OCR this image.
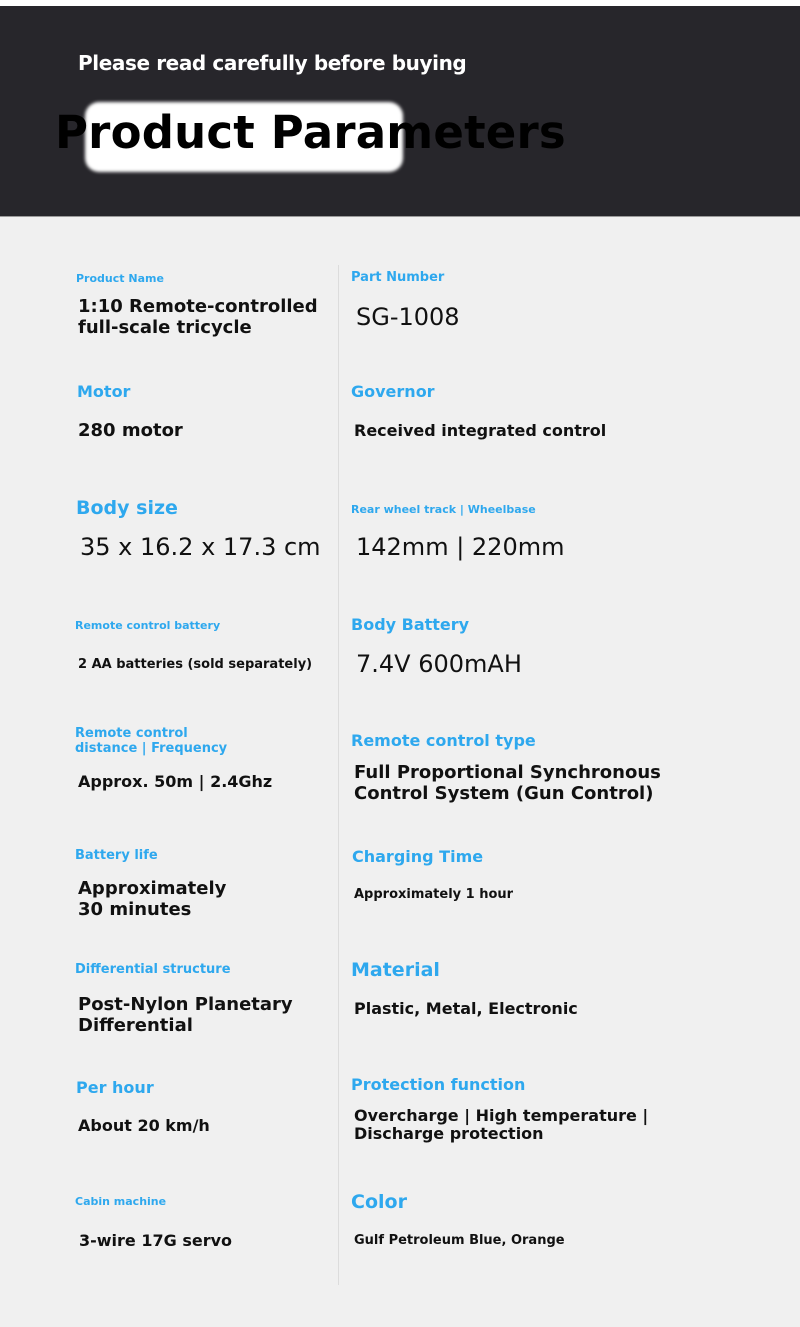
Please read carefully before buying
Product Parameters
Product Name
1:10 Remote-controlled
full-scale tricycle
Part Number
SG-1008
Motor
280 motor
Governor
Received integrated control
Body size
35 x 16.2 x 17.3 cm
Rear wheel track | Wheelbase
142mm | 220mm
Remote control battery
2 AA batteries (sold separately)
Body Battery
7.4V 600mAH
Remote control
distance | Frequency
Approx. 50m | 2.4Ghz
Remote control type
Full Proportional Synchronous
Control System (Gun Control)
Battery life
Approximately
30 minutes
Charging Time
Approximately 1 hour
Differential structure
Post-Nylon Planetary
Differential
Material
Plastic, Metal, Electronic
Per hour
About 20 km/h
Protection function
Overcharge | High temperature |
Discharge protection
Cabin machine
3-wire 17G servo
Color
Gulf Petroleum Blue, Orange
